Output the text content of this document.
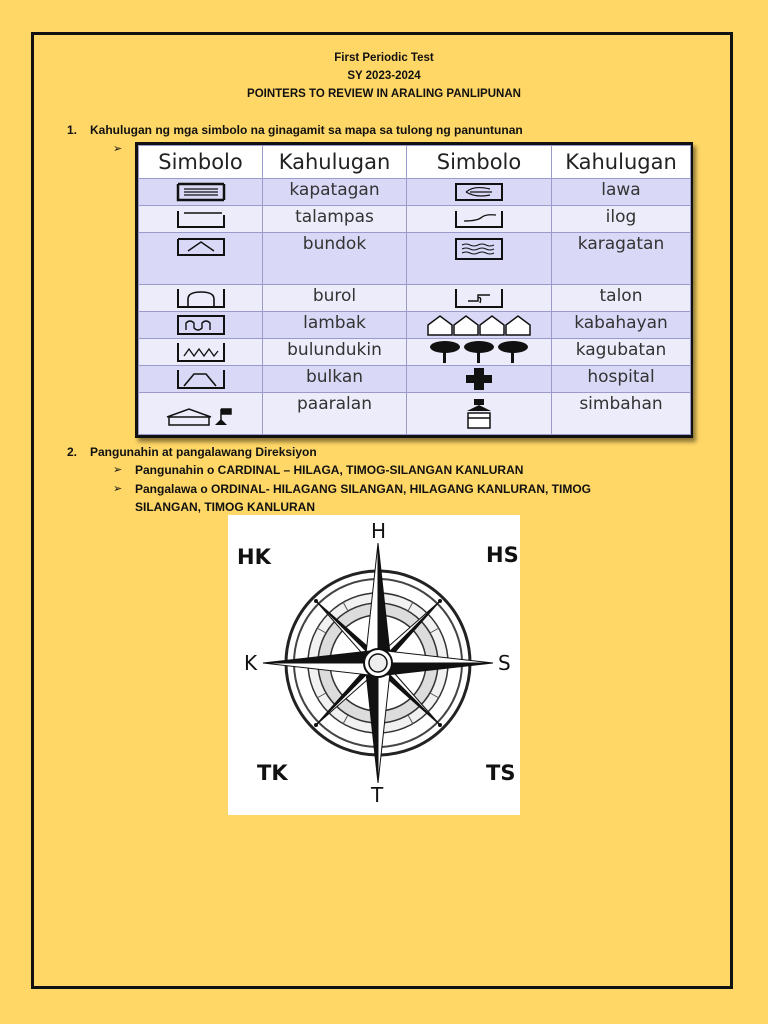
First Periodic Test
SY 2023-2024
POINTERS TO REVIEW IN ARALING PANLIPUNAN
1. Kahulugan ng mga simbolo na ginagamit sa mapa sa tulong ng panuntunan
➢
Simbolo	Kahulugan	Simbolo	Kahulugan

	kapatagan		lawa

	talampas		ilog

	bundok		karagatan

	burol		talon

	lambak		kabahayan

	bulundukin		kagubatan

	bulkan		hospital

	paaralan		simbahan
2. Pangunahin at pangalawang Direksiyon
➢ Pangunahin o CARDINAL – HILAGA, TIMOG-SILANGAN KANLURAN
➢ Pangalawa o ORDINAL- HILAGANG SILANGAN, HILAGANG KANLURAN, TIMOG
SILANGAN, TIMOG KANLURAN
H
T
K	S
HK	HS
TK	TS
